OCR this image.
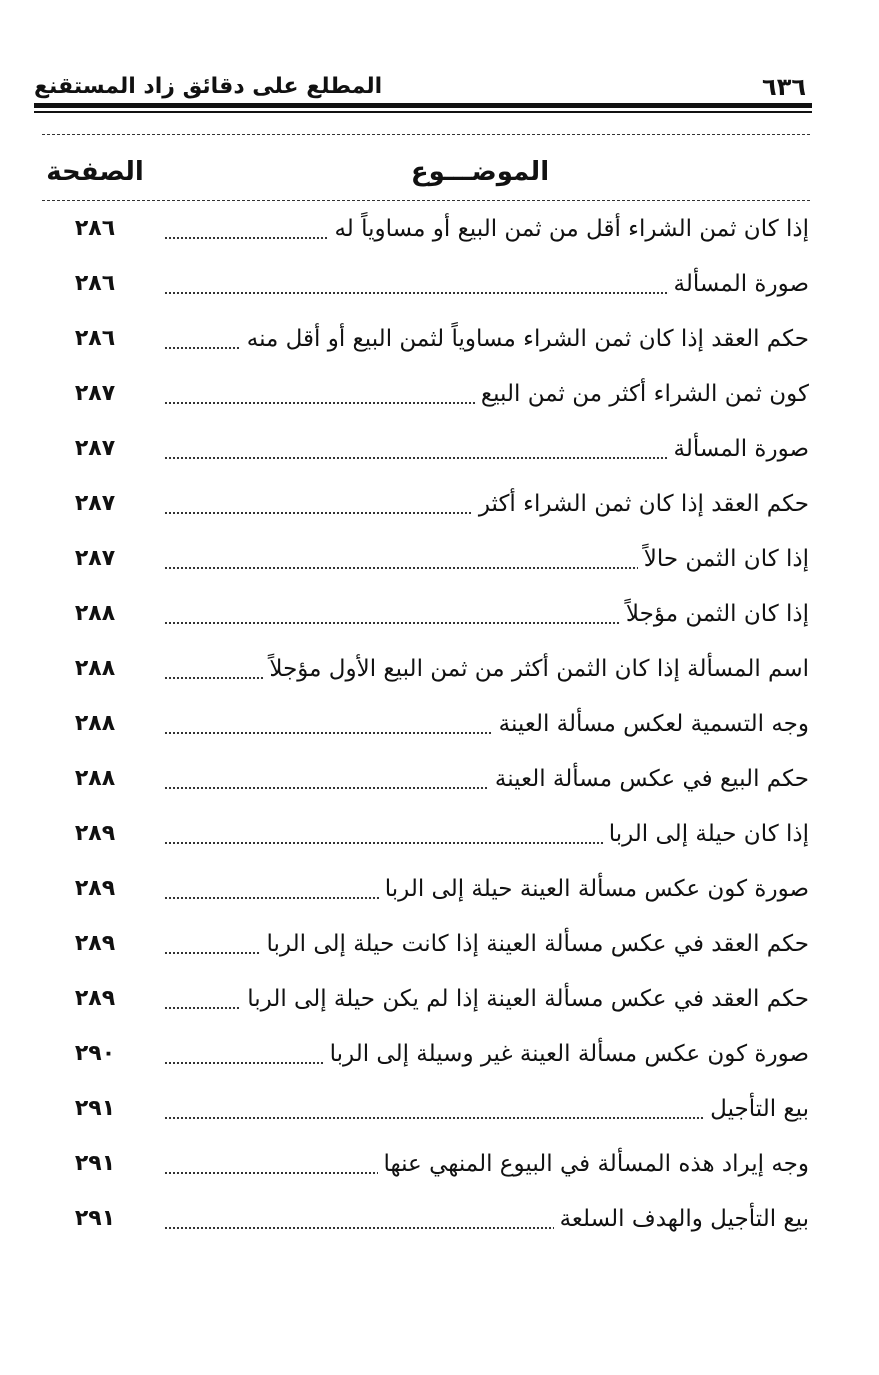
٦٣٦
المطلع على دقائق زاد المستقنع
الموضـــوع
الصفحة
إذا كان ثمن الشراء أقل من ثمن البيع أو مساوياً له
٢٨٦
صورة المسألة
٢٨٦
حكم العقد إذا كان ثمن الشراء مساوياً لثمن البيع أو أقل منه
٢٨٦
كون ثمن الشراء أكثر من ثمن البيع
٢٨٧
صورة المسألة
٢٨٧
حكم العقد إذا كان ثمن الشراء أكثر
٢٨٧
إذا كان الثمن حالاً
٢٨٧
إذا كان الثمن مؤجلاً
٢٨٨
اسم المسألة إذا كان الثمن أكثر من ثمن البيع الأول مؤجلاً
٢٨٨
وجه التسمية لعكس مسألة العينة
٢٨٨
حكم البيع في عكس مسألة العينة
٢٨٨
إذا كان حيلة إلى الربا
٢٨٩
صورة كون عكس مسألة العينة حيلة إلى الربا
٢٨٩
حكم العقد في عكس مسألة العينة إذا كانت حيلة إلى الربا
٢٨٩
حكم العقد في عكس مسألة العينة إذا لم يكن حيلة إلى الربا
٢٨٩
صورة كون عكس مسألة العينة غير وسيلة إلى الربا
٢٩٠
بيع التأجيل
٢٩١
وجه إيراد هذه المسألة في البيوع المنهي عنها
٢٩١
بيع التأجيل والهدف السلعة
٢٩١
